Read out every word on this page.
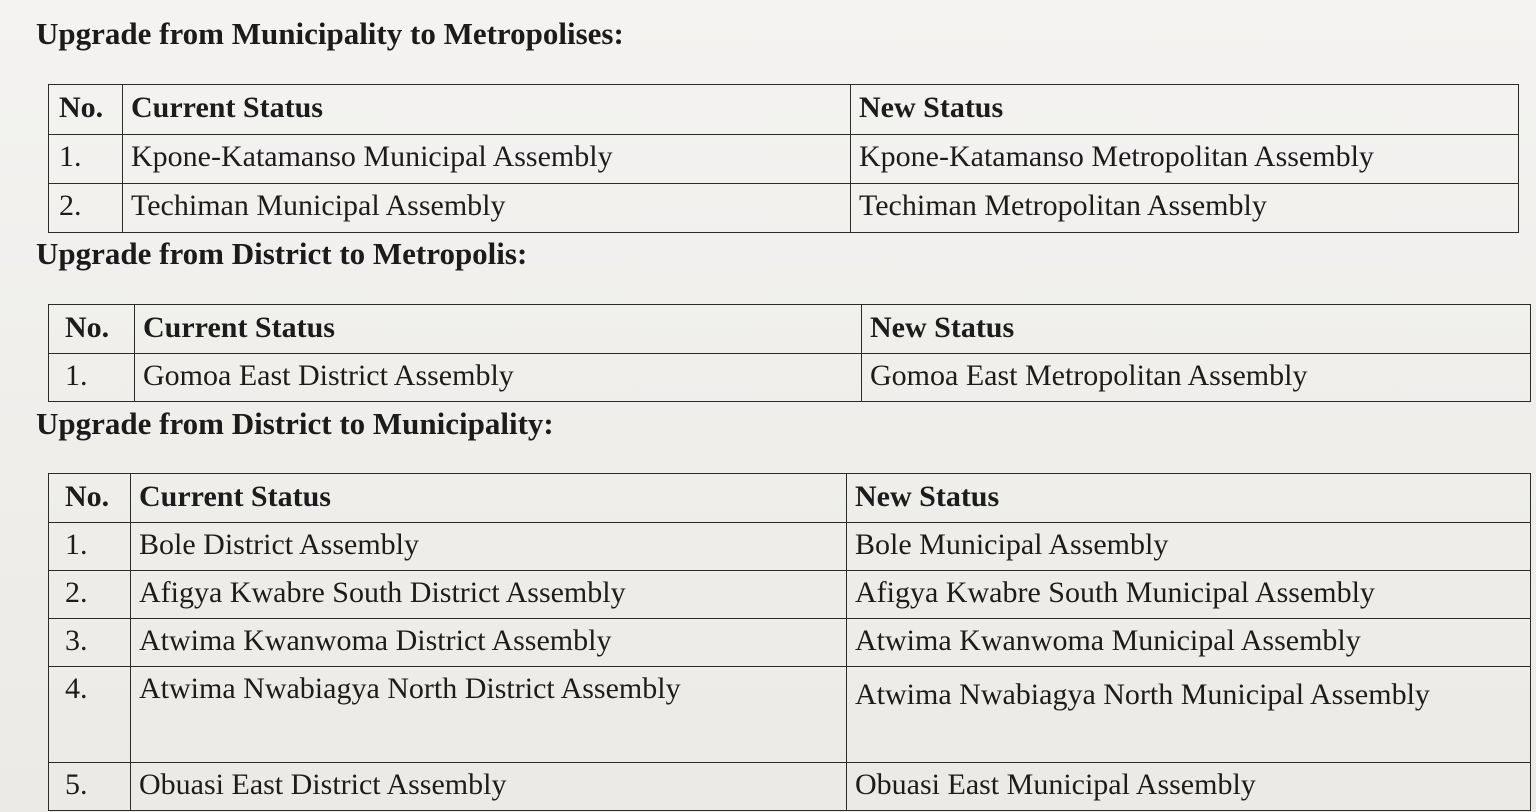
Upgrade from Municipality to Metropolises:
No.	Current Status	New Status
1.	Kpone-Katamanso Municipal Assembly	Kpone-Katamanso Metropolitan Assembly
2.	Techiman Municipal Assembly	Techiman Metropolitan Assembly
Upgrade from District to Metropolis:
No.	Current Status	New Status
1.	Gomoa East District Assembly	Gomoa East Metropolitan Assembly
Upgrade from District to Municipality:
No.	Current Status	New Status
1.	Bole District Assembly	Bole Municipal Assembly
2.	Afigya Kwabre South District Assembly	Afigya Kwabre South Municipal Assembly
3.	Atwima Kwanwoma District Assembly	Atwima Kwanwoma Municipal Assembly
4.	Atwima Nwabiagya North District Assembly	Atwima Nwabiagya North Municipal Assembly
5.	Obuasi East District Assembly	Obuasi East Municipal Assembly
